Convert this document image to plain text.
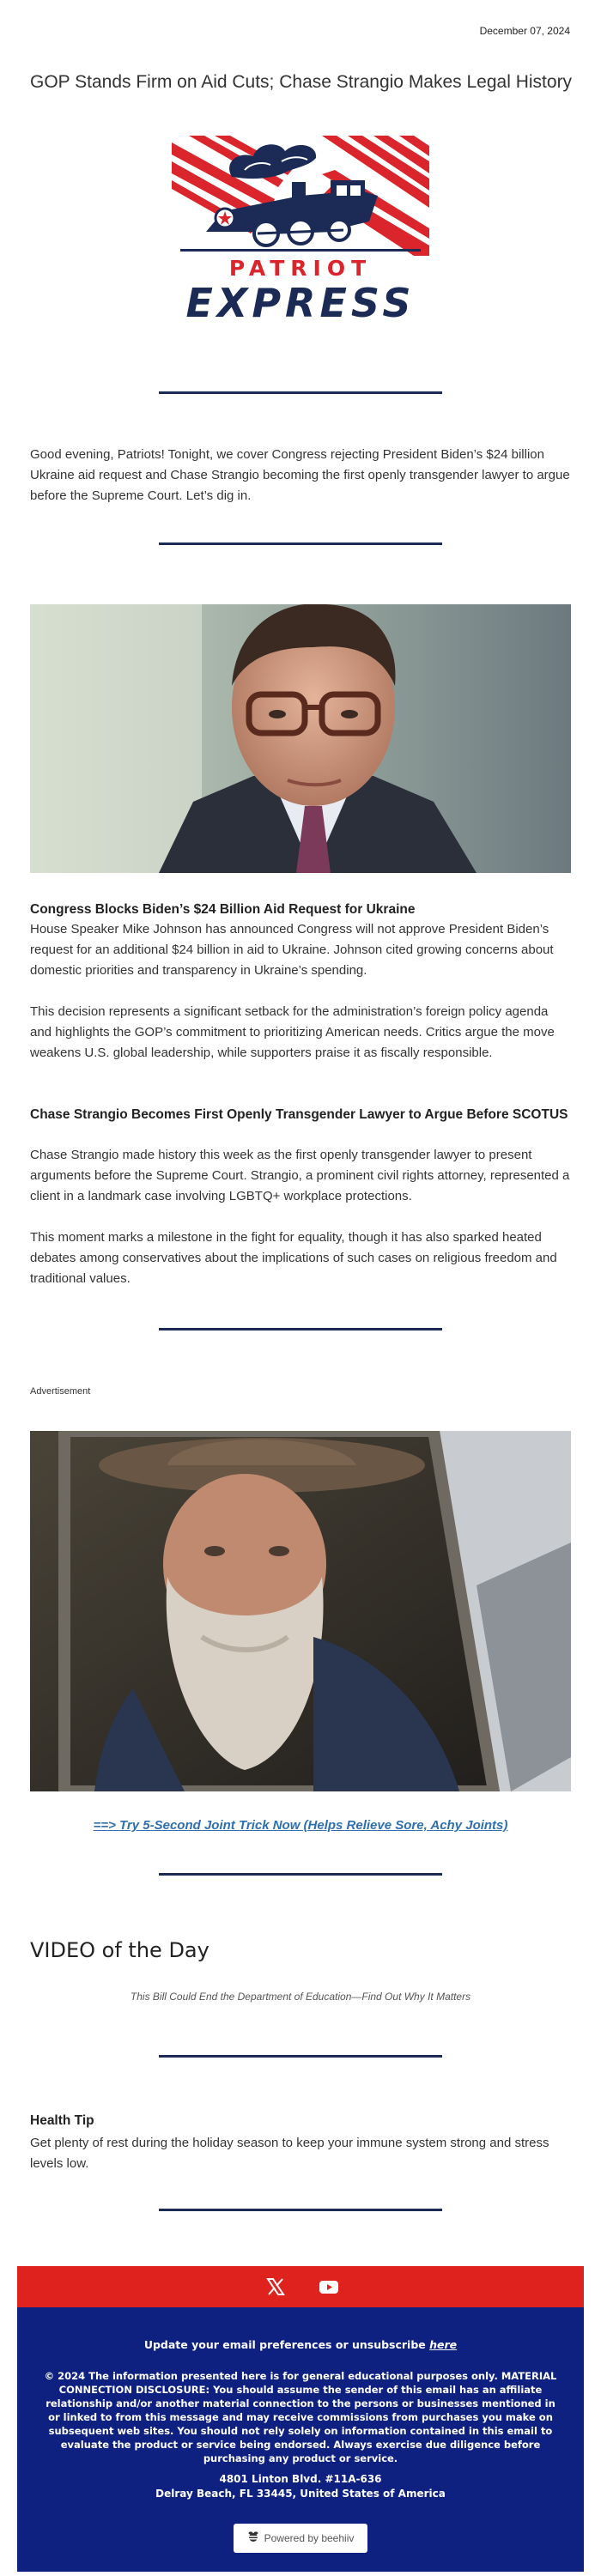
December 07, 2024
GOP Stands Firm on Aid Cuts; Chase Strangio Makes Legal History
PATRIOT
EXPRESS
Good evening, Patriots! Tonight, we cover Congress rejecting President Biden’s $24 billion Ukraine aid request and Chase Strangio becoming the first openly transgender lawyer to argue before the Supreme Court. Let’s dig in.
Congress Blocks Biden’s $24 Billion Aid Request for Ukraine
House Speaker Mike Johnson has announced Congress will not approve President Biden’s request for an additional $24 billion in aid to Ukraine. Johnson cited growing concerns about domestic priorities and transparency in Ukraine’s spending.
This decision represents a significant setback for the administration’s foreign policy agenda and highlights the GOP’s commitment to prioritizing American needs. Critics argue the move weakens U.S. global leadership, while supporters praise it as fiscally responsible.
Chase Strangio Becomes First Openly Transgender Lawyer to Argue Before SCOTUS
Chase Strangio made history this week as the first openly transgender lawyer to present arguments before the Supreme Court. Strangio, a prominent civil rights attorney, represented a client in a landmark case involving LGBTQ+ workplace protections.
This moment marks a milestone in the fight for equality, though it has also sparked heated debates among conservatives about the implications of such cases on religious freedom and traditional values.
Advertisement
==> Try 5-Second Joint Trick Now (Helps Relieve Sore, Achy Joints)
VIDEO of the Day
This Bill Could End the Department of Education—Find Out Why It Matters
Health Tip
Get plenty of rest during the holiday season to keep your immune system strong and stress levels low.
Update your email preferences or unsubscribe here
© 2024 The information presented here is for general educational purposes only. MATERIAL CONNECTION DISCLOSURE: You should assume the sender of this email has an affiliate relationship and/or another material connection to the persons or businesses mentioned in or linked to from this message and may receive commissions from purchases you make on subsequent web sites. You should not rely solely on information contained in this email to evaluate the product or service being endorsed. Always exercise due diligence before purchasing any product or service.
4801 Linton Blvd. #11A-636
Delray Beach, FL 33445, United States of America
Powered by beehiiv
